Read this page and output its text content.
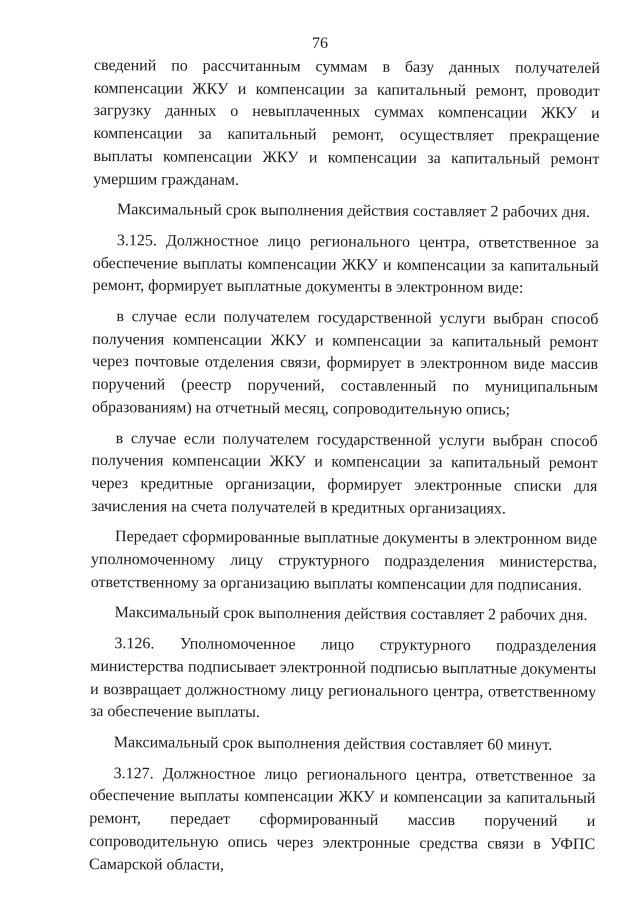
76

сведений по рассчитанным суммам в базу данных получателей компенсации ЖКУ и компенсации за капитальный ремонт, проводит загрузку данных о невыплаченных суммах компенсации ЖКУ и компенсации за капитальный ремонт, осуществляет прекращение выплаты компенсации ЖКУ и компенсации за капитальный ремонт умершим гражданам.

Максимальный срок выполнения действия составляет 2 рабочих дня.

3.125. Должностное лицо регионального центра, ответственное за обеспечение выплаты компенсации ЖКУ и компенсации за капитальный ремонт, формирует выплатные документы в электронном виде:

в случае если получателем государственной услуги выбран способ получения компенсации ЖКУ и компенсации за капитальный ремонт через почтовые отделения связи, формирует в электронном виде массив поручений (реестр поручений, составленный по муниципальным образованиям) на отчетный месяц, сопроводительную опись;

в случае если получателем государственной услуги выбран способ получения компенсации ЖКУ и компенсации за капитальный ремонт через кредитные организации, формирует электронные списки для зачисления на счета получателей в кредитных организациях.

Передает сформированные выплатные документы в электронном виде уполномоченному лицу структурного подразделения министерства, ответственному за организацию выплаты компенсации для подписания.

Максимальный срок выполнения действия составляет 2 рабочих дня.

3.126. Уполномоченное лицо структурного подразделения министерства подписывает электронной подписью выплатные документы и возвращает должностному лицу регионального центра, ответственному за обеспечение выплаты.

Максимальный срок выполнения действия составляет 60 минут.

3.127. Должностное лицо регионального центра, ответственное за обеспечение выплаты компенсации ЖКУ и компенсации за капитальный ремонт, передает сформированный массив поручений и сопроводительную опись через электронные средства связи в УФПС Самарской области,
